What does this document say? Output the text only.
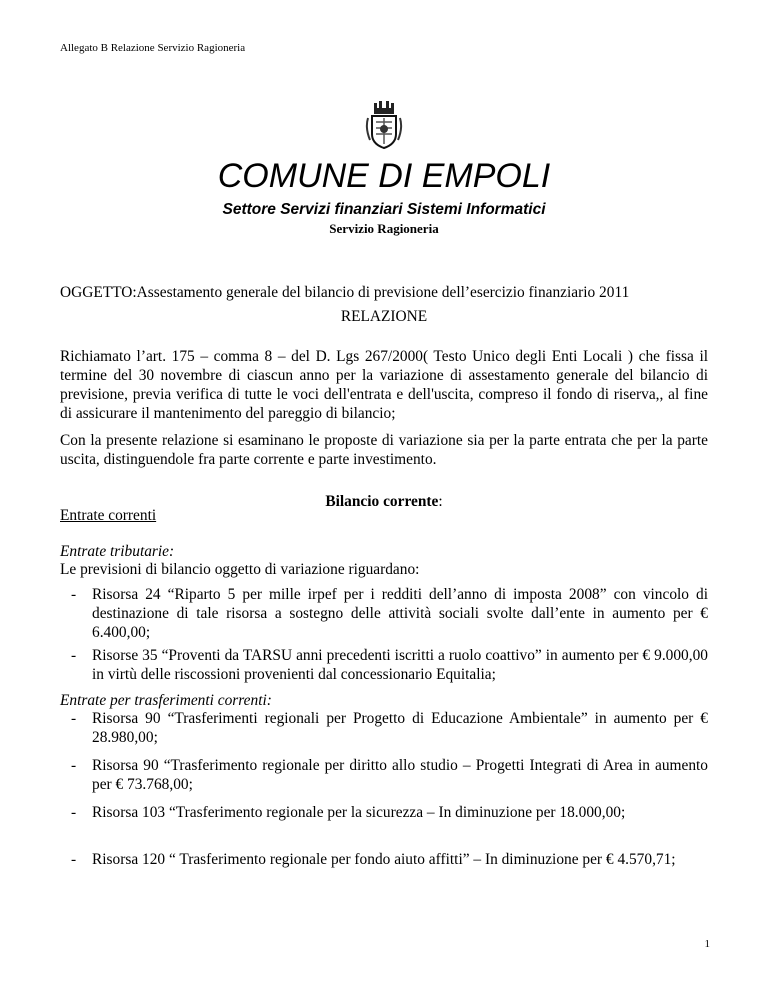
Allegato B Relazione Servizio Ragioneria
COMUNE DI EMPOLI
Settore Servizi finanziari Sistemi Informatici
Servizio Ragioneria
OGGETTO:Assestamento generale del bilancio di previsione dell’esercizio finanziario 2011
RELAZIONE
Richiamato l’art. 175 – comma 8 – del D. Lgs 267/2000( Testo Unico degli Enti Locali ) che fissa il termine del 30 novembre di ciascun anno per la variazione di assestamento generale del bilancio di previsione, previa verifica di tutte le voci dell'entrata e dell'uscita, compreso il fondo di riserva,, al fine di assicurare il mantenimento del pareggio di bilancio;
Con la presente relazione si esaminano le proposte di variazione sia per la parte entrata che per la parte uscita, distinguendole fra parte corrente e parte investimento.
Bilancio corrente:
Entrate correnti
Entrate tributarie:
Le previsioni di bilancio oggetto di variazione riguardano:
- Risorsa 24 “Riparto 5 per mille irpef per i redditi dell’anno di imposta 2008” con vincolo di destinazione di tale risorsa a sostegno delle attività sociali svolte dall’ente in aumento per € 6.400,00;
- Risorse 35 “Proventi da TARSU anni precedenti iscritti a ruolo coattivo” in aumento per € 9.000,00 in virtù delle riscossioni provenienti dal concessionario Equitalia;
Entrate per trasferimenti correnti:
- Risorsa 90 “Trasferimenti regionali per Progetto di Educazione Ambientale” in aumento per € 28.980,00;
- Risorsa 90 “Trasferimento regionale per diritto allo studio – Progetti Integrati di Area in aumento per € 73.768,00;
- Risorsa 103 “Trasferimento regionale per la sicurezza – In diminuzione per 18.000,00;
- Risorsa 120 “ Trasferimento regionale per fondo aiuto affitti” – In diminuzione per € 4.570,71;
1
